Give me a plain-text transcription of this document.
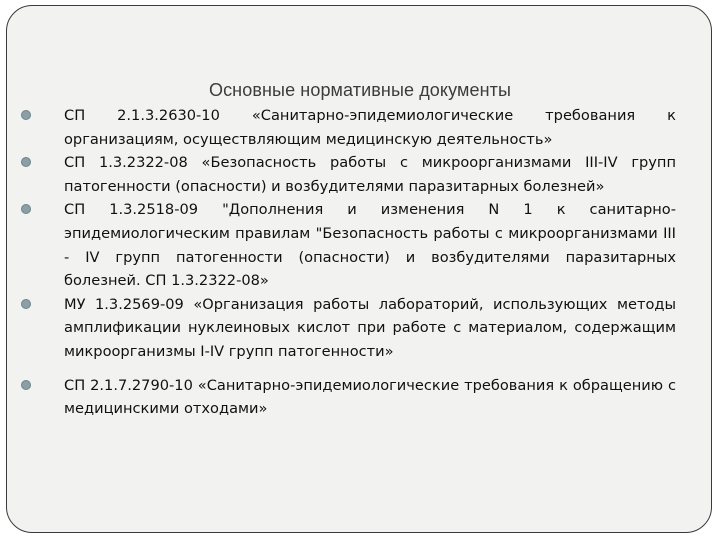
Основные нормативные документы
СП 2.1.3.2630-10 «Санитарно-эпидемиологические требования к организациям, осуществляющим медицинскую деятельность»
СП 1.3.2322-08 «Безопасность работы с микроорганизмами III-IV групп патогенности (опасности) и возбудителями паразитарных болезней»
СП 1.3.2518-09 "Дополнения и изменения N 1 к санитарно-эпидемиологическим правилам "Безопасность работы с микроорганизмами III - IV групп патогенности (опасности) и возбудителями паразитарных болезней. СП 1.3.2322-08»
МУ 1.3.2569-09 «Организация работы лабораторий, использующих методы амплификации нуклеиновых кислот при работе с материалом, содержащим микроорганизмы I-IV групп патогенности»
СП 2.1.7.2790-10 «Санитарно-эпидемиологические требования к обращению с медицинскими отходами»
